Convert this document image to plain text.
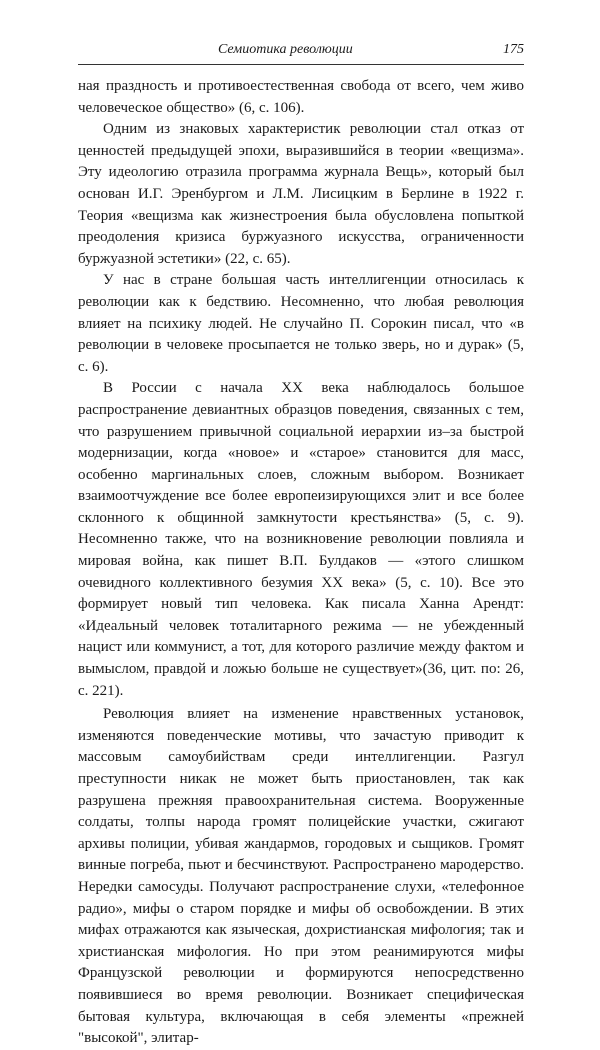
Семиотика революции	175

ная праздность и противоестественная свобода от всего, чем живо человеческое общество» (6, с. 106).

Одним из знаковых характеристик революции стал отказ от ценностей предыдущей эпохи, выразившийся в теории «вещизма». Эту идеологию отразила программа журнала Вещь», который был основан И.Г. Эренбургом и Л.М. Лисицким в Берлине в 1922 г. Теория «вещизма как жизнестроения была обусловлена попыткой преодоления кризиса буржуазного искусства, ограниченности буржуазной эстетики» (22, с. 65).

У нас в стране большая часть интеллигенции относилась к революции как к бедствию. Несомненно, что любая революция влияет на психику людей. Не случайно П. Сорокин писал, что «в революции в человеке просыпается не только зверь, но и дурак» (5, с. 6).

В России с начала XX века наблюдалось большое распространение девиантных образцов поведения, связанных с тем, что разрушением привычной социальной иерархии из–за быстрой модернизации, когда «новое» и «старое» становится для масс, особенно маргинальных слоев, сложным выбором. Возникает взаимоотчуждение все более европеизирующихся элит и все более склонного к общинной замкнутости крестьянства» (5, с. 9). Несомненно также, что на возникновение революции повлияла и мировая война, как пишет В.П. Булдаков — «этого слишком очевидного коллективного безумия XX века» (5, с. 10). Все это формирует новый тип человека. Как писала Ханна Арендт: «Идеальный человек тоталитарного режима — не убежденный нацист или коммунист, а тот, для которого различие между фактом и вымыслом, правдой и ложью больше не существует»(36, цит. по: 26, с. 221).

Революция влияет на изменение нравственных установок, изменяются поведенческие мотивы, что зачастую приводит к массовым самоубийствам среди интеллигенции. Разгул преступности никак не может быть приостановлен, так как разрушена прежняя правоохранительная система. Вооруженные солдаты, толпы народа громят полицейские участки, сжигают архивы полиции, убивая жандармов, городовых и сыщиков. Громят винные погреба, пьют и бесчинствуют. Распространено мародерство. Нередки самосуды. Получают распространение слухи, «телефонное радио», мифы о старом порядке и мифы об освобождении. В этих мифах отражаются как языческая, дохристианская мифология; так и христианская мифология. Но при этом реанимируются мифы Французской революции и формируются непосредственно появившиеся во время революции. Возникает специфическая бытовая культура, включающая в себя элементы «прежней "высокой", элитар-
